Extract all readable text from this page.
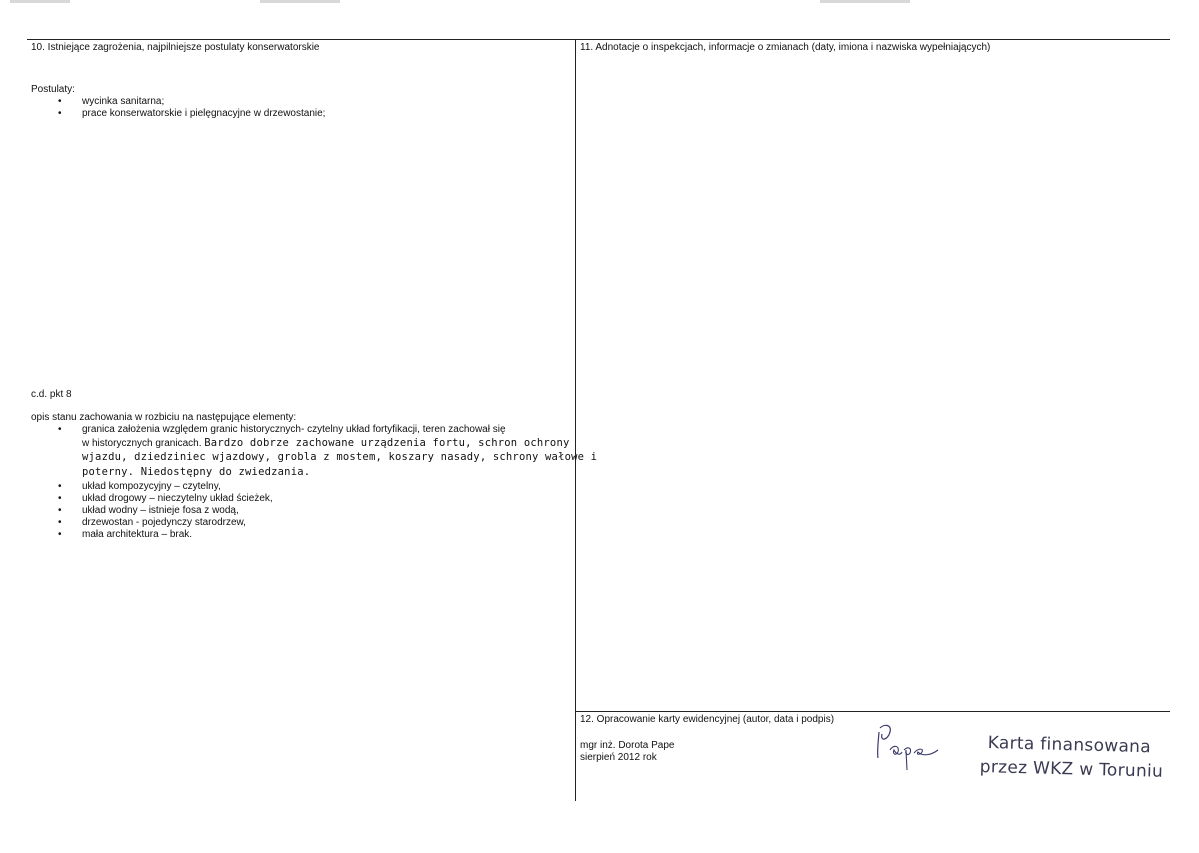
10. Istniejące zagrożenia, najpilniejsze postulaty konserwatorskie
Postulaty:
• wycinka sanitarna;
• prace konserwatorskie i pielęgnacyjne w drzewostanie;
c.d. pkt 8
opis stanu zachowania w rozbiciu na następujące elementy:
• granica założenia względem granic historycznych- czytelny układ fortyfikacji, teren zachował się
w historycznych granicach. Bardzo dobrze zachowane urządzenia fortu, schron ochrony
wjazdu, dziedziniec wjazdowy, grobla z mostem, koszary nasady, schrony wałowe i
poterny. Niedostępny do zwiedzania.
• układ kompozycyjny – czytelny,
• układ drogowy – nieczytelny układ ścieżek,
• układ wodny – istnieje fosa z wodą,
• drzewostan - pojedynczy starodrzew,
• mała architektura – brak.
11. Adnotacje o inspekcjach, informacje o zmianach (daty, imiona i nazwiska wypełniających)
12. Opracowanie karty ewidencyjnej (autor, data i podpis)
mgr inż. Dorota Pape
sierpień 2012 rok
Karta finansowana
przez WKZ w Toruniu
